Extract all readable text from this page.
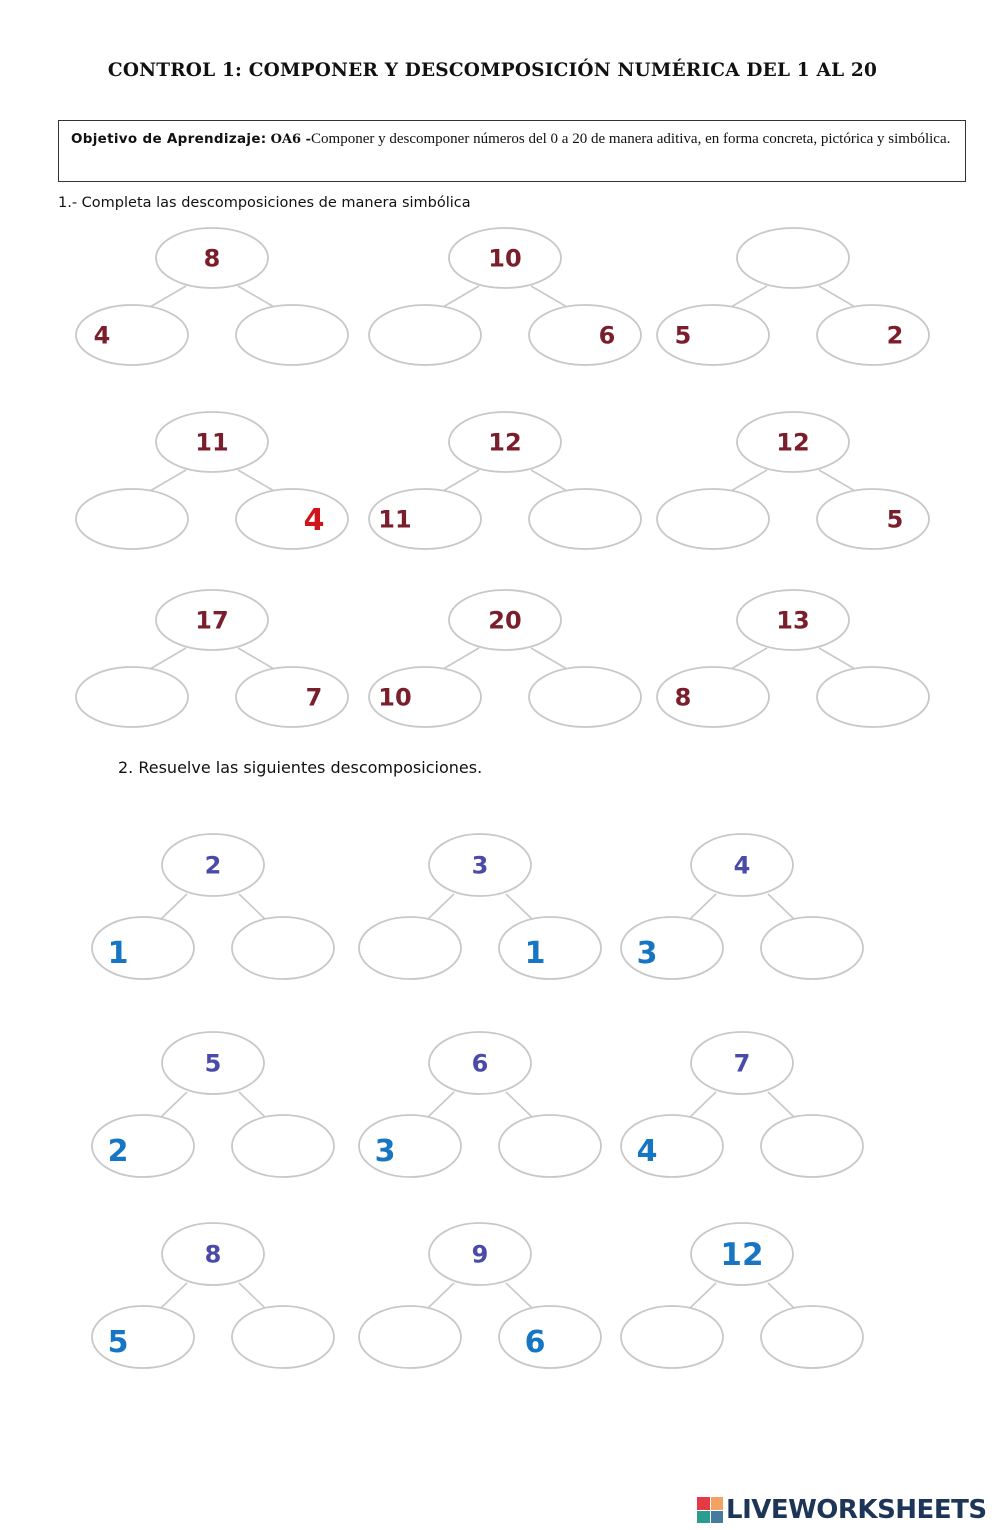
CONTROL 1: COMPONER Y DESCOMPOSICIÓN NUMÉRICA DEL 1 AL 20
Objetivo de Aprendizaje: OA6 -Componer y descomponer números del 0 a 20 de manera aditiva, en forma concreta, pictórica y simbólica.
1.- Completa las descomposiciones de manera simbólica
2. Resuelve las siguientes descomposiciones.
8
4
10
6 5	2
11
4
12
11
12
5
17
7
20
10
13
8
2
1
3
1
4
3
5
2
6
3
7
4
8
5
9
6
12
LIVEWORKSHEETS
